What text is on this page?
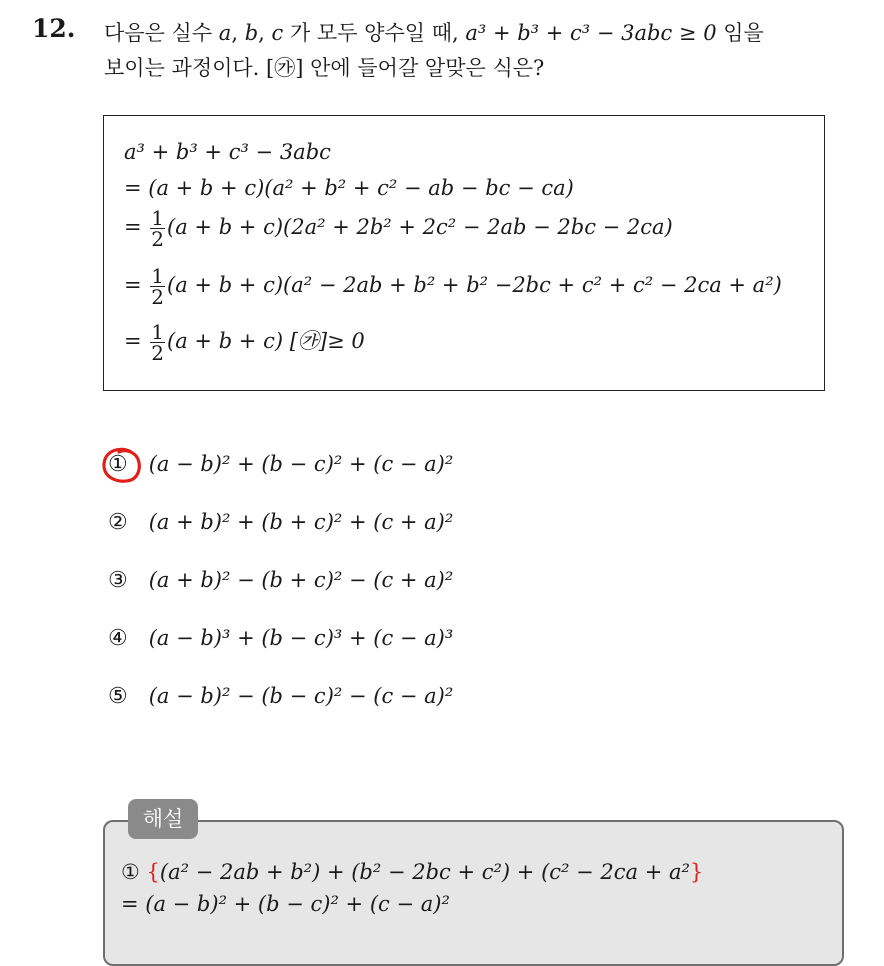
12. 다음은 실수 a, b, c 가 모두 양수일 때, a³ + b³ + c³ − 3abc ≥ 0 임을
보이는 과정이다. [㉮] 안에 들어갈 알맞은 식은?
a³ + b³ + c³ − 3abc
= (a + b + c)(a² + b² + c² − ab − bc − ca)
= $\frac{1}{2} (a + b + c)(2a^2 + 2b^2 + 2c^2 - 2ab - 2bc - 2ca)$
= $\frac{1}{2} (a + b + c)(a^2 - 2ab + b^2 + b^2 -2bc + c^2 + c^2 - 2ca + a^2)$
= $\frac{1}{2} (a + b + c)$ [㉮]≥ 0
① (a − b)² + (b − c)² + (c − a)²
② (a + b)² + (b + c)² + (c + a)²
③ (a + b)² − (b + c)² − (c + a)²
④ (a − b)³ + (b − c)³ + (c − a)³
⑤ (a − b)² − (b − c)² − (c − a)²
① {(a² − 2ab + b²) + (b² − 2bc + c²) + (c² − 2ca + a²}
= (a − b)² + (b − c)² + (c − a)²
해설
